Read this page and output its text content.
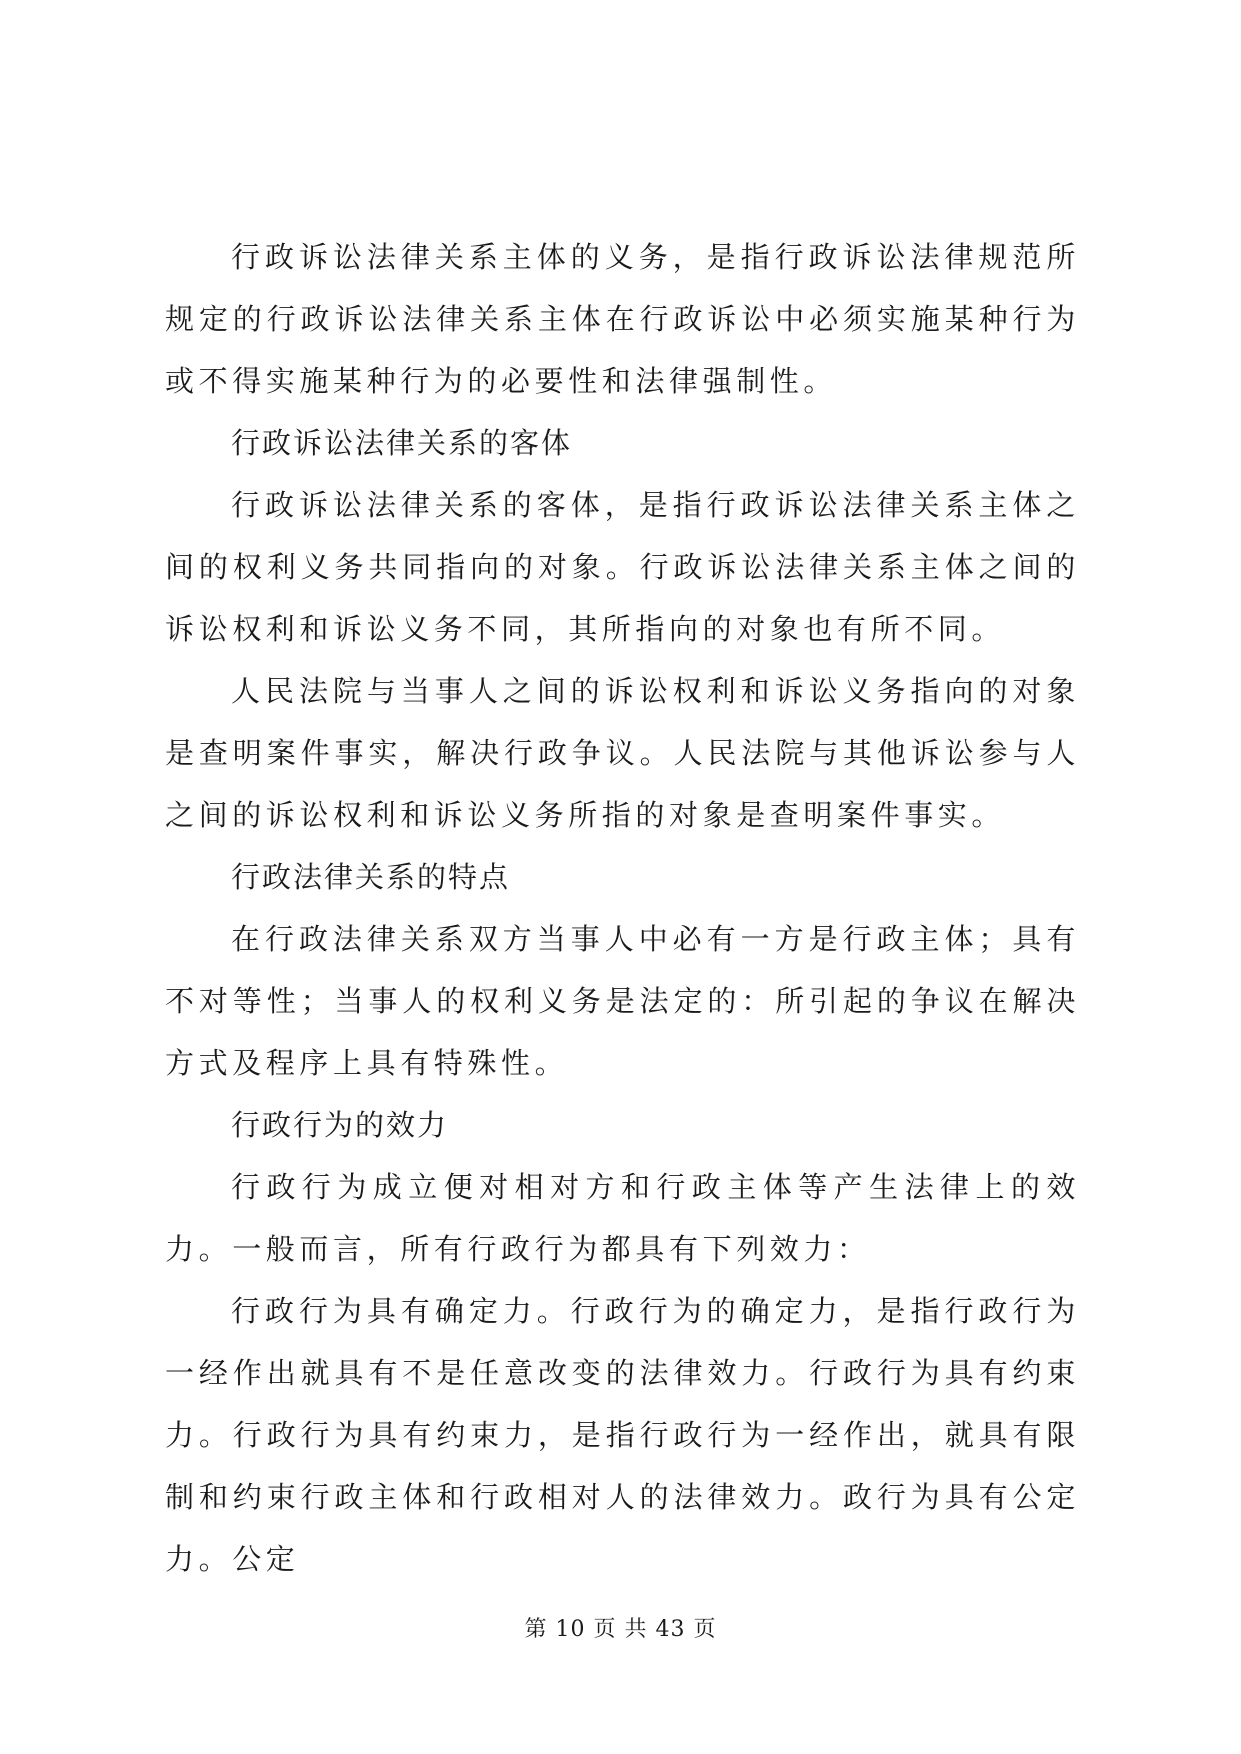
行政诉讼法律关系主体的义务，是指行政诉讼法律规范所规定的行政诉讼法律关系主体在行政诉讼中必须实施某种行为或不得实施某种行为的必要性和法律强制性。

行政诉讼法律关系的客体

行政诉讼法律关系的客体，是指行政诉讼法律关系主体之间的权利义务共同指向的对象。行政诉讼法律关系主体之间的诉讼权利和诉讼义务不同，其所指向的对象也有所不同。

人民法院与当事人之间的诉讼权利和诉讼义务指向的对象是查明案件事实，解决行政争议。人民法院与其他诉讼参与人之间的诉讼权利和诉讼义务所指的对象是查明案件事实。

行政法律关系的特点

在行政法律关系双方当事人中必有一方是行政主体；具有不对等性；当事人的权利义务是法定的：所引起的争议在解决方式及程序上具有特殊性。

行政行为的效力

行政行为成立便对相对方和行政主体等产生法律上的效力。一般而言，所有行政行为都具有下列效力：

行政行为具有确定力。行政行为的确定力，是指行政行为一经作出就具有不是任意改变的法律效力。行政行为具有约束力。行政行为具有约束力，是指行政行为一经作出，就具有限制和约束行政主体和行政相对人的法律效力。政行为具有公定力。公定

第 10 页 共 43 页
